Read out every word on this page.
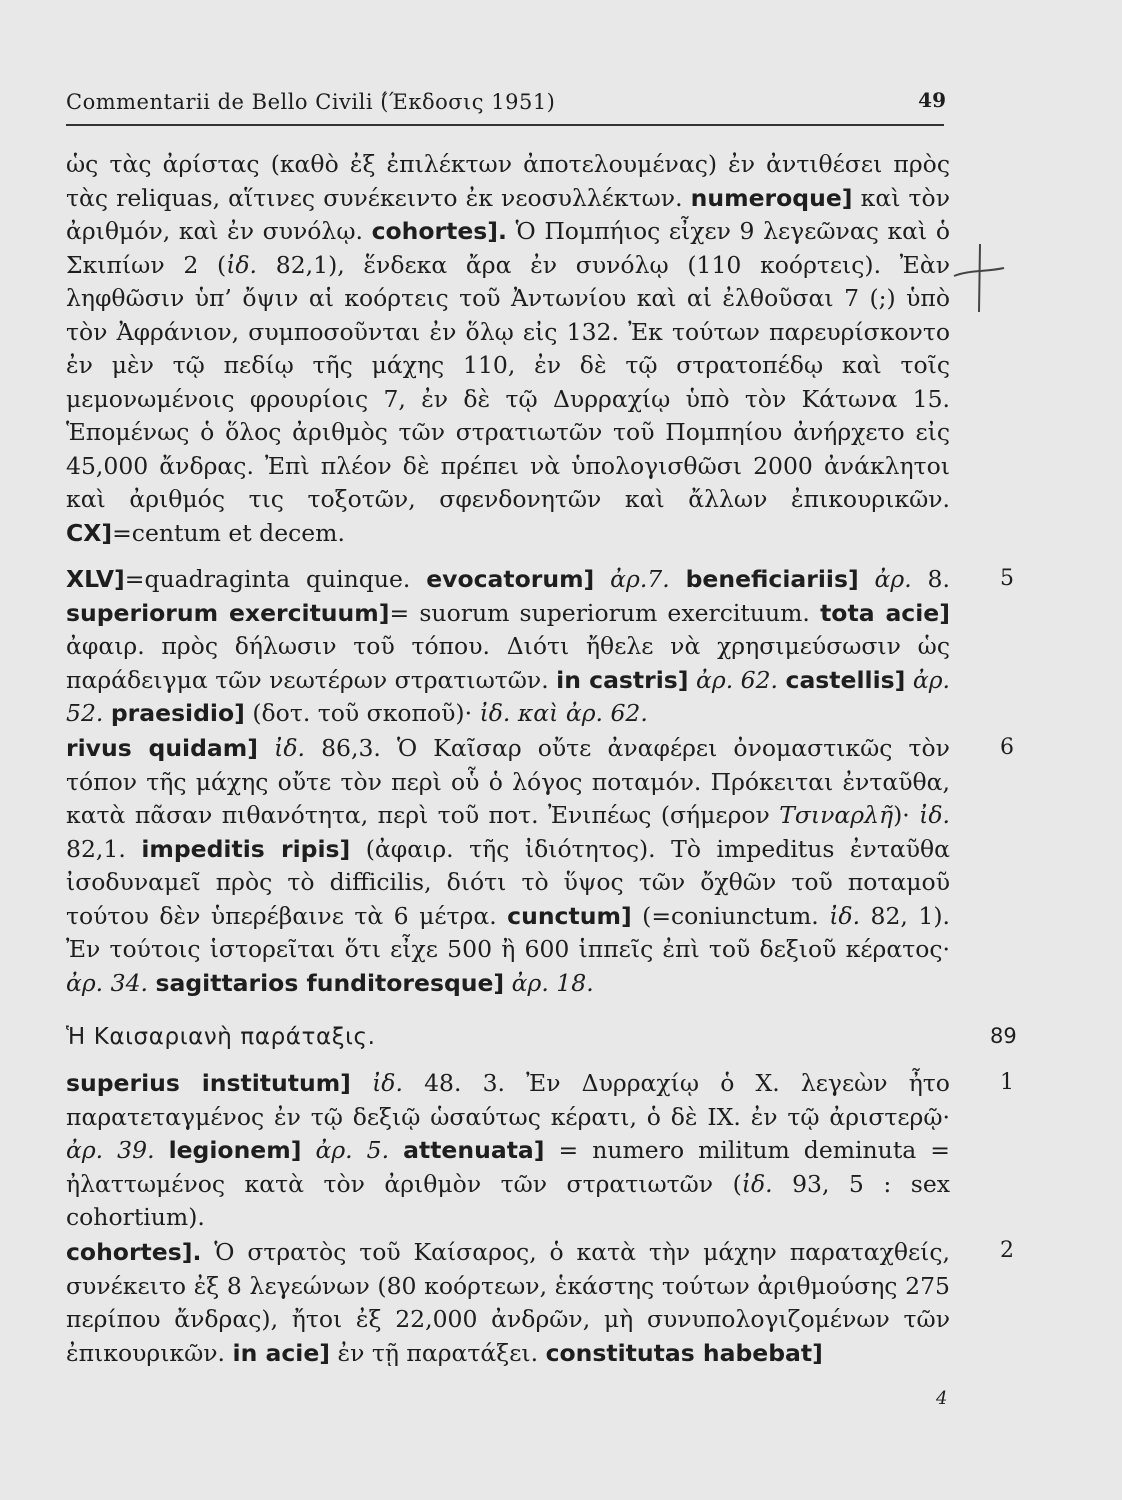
Commentarii de Bello Civili (́Έκδοσις 1951)	49

ὡς τὰς ἀρίστας (καθὸ ἐξ ἐπιλέκτων ἀποτελουμένας) ἐν ἀντιθέσει πρὸς τὰς reliquas, αἵτινες συνέκειντο ἐκ νεοσυλλέκτων. numeroque] καὶ τὸν ἀριθμόν, καὶ ἐν συνόλῳ. cohortes]. Ὁ Πομπήιος εἶχεν 9 λεγεῶνας καὶ ὁ Σκιπίων 2 (ἰδ. 82,1), ἕνδεκα ἄρα ἐν συνόλῳ (110 κοόρτεις). Ἐὰν ληφθῶσιν ὑπ’ ὄψιν αἱ κοόρτεις τοῦ Ἀντωνίου καὶ αἱ ἐλθοῦσαι 7 (;) ὑπὸ τὸν Ἀφράνιον, συμποσοῦνται ἐν ὅλῳ εἰς 132. Ἐκ τούτων παρευρίσκοντο ἐν μὲν τῷ πεδίῳ τῆς μάχης 110, ἐν δὲ τῷ στρατοπέδῳ καὶ τοῖς μεμονωμένοις φρουρίοις 7, ἐν δὲ τῷ Δυρραχίῳ ὑπὸ τὸν Κάτωνα 15. Ἑπομένως ὁ ὅλος ἀριθμὸς τῶν στρατιωτῶν τοῦ Πομπηίου ἀνήρχετο εἰς 45,000 ἄνδρας. Ἐπὶ πλέον δὲ πρέπει νὰ ὑπολογισθῶσι 2000 ἀνάκλητοι καὶ ἀριθμός τις τοξοτῶν, σφενδονητῶν καὶ ἄλλων ἐπικουρικῶν. CX]=centum et decem.

XLV]=quadraginta quinque. evocatorum] ἀρ.7. beneficiariis] ἀρ. 8. superiorum exercituum]= suorum superiorum exercituum. tota acie] ἀφαιρ. πρὸς δήλωσιν τοῦ τόπου. Διότι ἤθελε νὰ χρησιμεύσωσιν ὡς παράδειγμα τῶν νεωτέρων στρατιωτῶν. in castris] ἀρ. 62. castellis] ἀρ. 52. praesidio] (δοτ. τοῦ σκοποῦ)· ἰδ. καὶ ἀρ. 62.

rivus quidam] ἰδ. 86,3. Ὁ Καῖσαρ οὔτε ἀναφέρει ὀνομαστικῶς τὸν τόπον τῆς μάχης οὔτε τὸν περὶ οὗ ὁ λόγος ποταμόν. Πρόκειται ἐνταῦθα, κατὰ πᾶσαν πιθανότητα, περὶ τοῦ ποτ. Ἐνιπέως (σήμερον Τσιναρλῆ)· ἰδ. 82,1. impeditis ripis] (ἀφαιρ. τῆς ἰδιότητος). Τὸ impeditus ἐνταῦθα ἰσοδυναμεῖ πρὸς τὸ difficilis, διότι τὸ ὕψος τῶν ὄχθῶν τοῦ ποταμοῦ τούτου δὲν ὑπερέβαινε τὰ 6 μέτρα. cunctum] (=coniunctum. ἰδ. 82, 1). Ἐν τούτοις ἱστορεῖται ὅτι εἶχε 500 ἢ 600 ἱππεῖς ἐπὶ τοῦ δεξιοῦ κέρατος· ἀρ. 34. sagittarios funditoresque] ἀρ. 18.

Ἡ Καισαριανὴ παράταξις.	89

superius institutum] ἰδ. 48. 3. Ἐν Δυρραχίῳ ὁ Χ. λεγεὼν ἦτο παρατεταγμένος ἐν τῷ δεξιῷ ὡσαύτως κέρατι, ὁ δὲ IX. ἐν τῷ ἀριστερῷ· ἀρ. 39. legionem] ἀρ. 5. attenuata] = numero militum deminuta = ἠλαττωμένος κατὰ τὸν ἀριθμὸν τῶν στρατιωτῶν (ἰδ. 93, 5 : sex cohortium).

cohortes]. Ὁ στρατὸς τοῦ Καίσαρος, ὁ κατὰ τὴν μάχην παραταχθείς, συνέκειτο ἐξ 8 λεγεώνων (80 κοόρτεων, ἑκάστης τούτων ἀριθμούσης 275 περίπου ἄνδρας), ἤτοι ἐξ 22,000 ἀνδρῶν, μὴ συνυπολογιζομένων τῶν ἐπικουρικῶν. in acie] ἐν τῇ παρατάξει. constitutas habebat]

5
6
1
2
4
